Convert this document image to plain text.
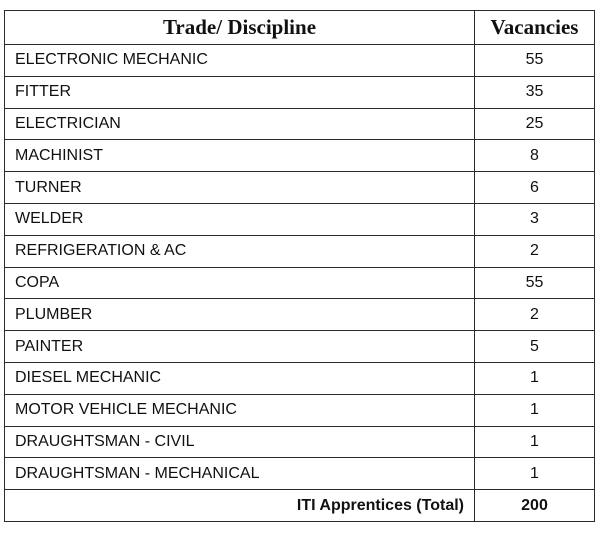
Trade/ Discipline	Vacancies
ELECTRONIC MECHANIC	55
FITTER	35
ELECTRICIAN	25
MACHINIST	8
TURNER	6
WELDER	3
REFRIGERATION & AC	2
COPA	55
PLUMBER	2
PAINTER	5
DIESEL MECHANIC	1
MOTOR VEHICLE MECHANIC	1
DRAUGHTSMAN - CIVIL	1
DRAUGHTSMAN - MECHANICAL	1
ITI Apprentices (Total)	200
